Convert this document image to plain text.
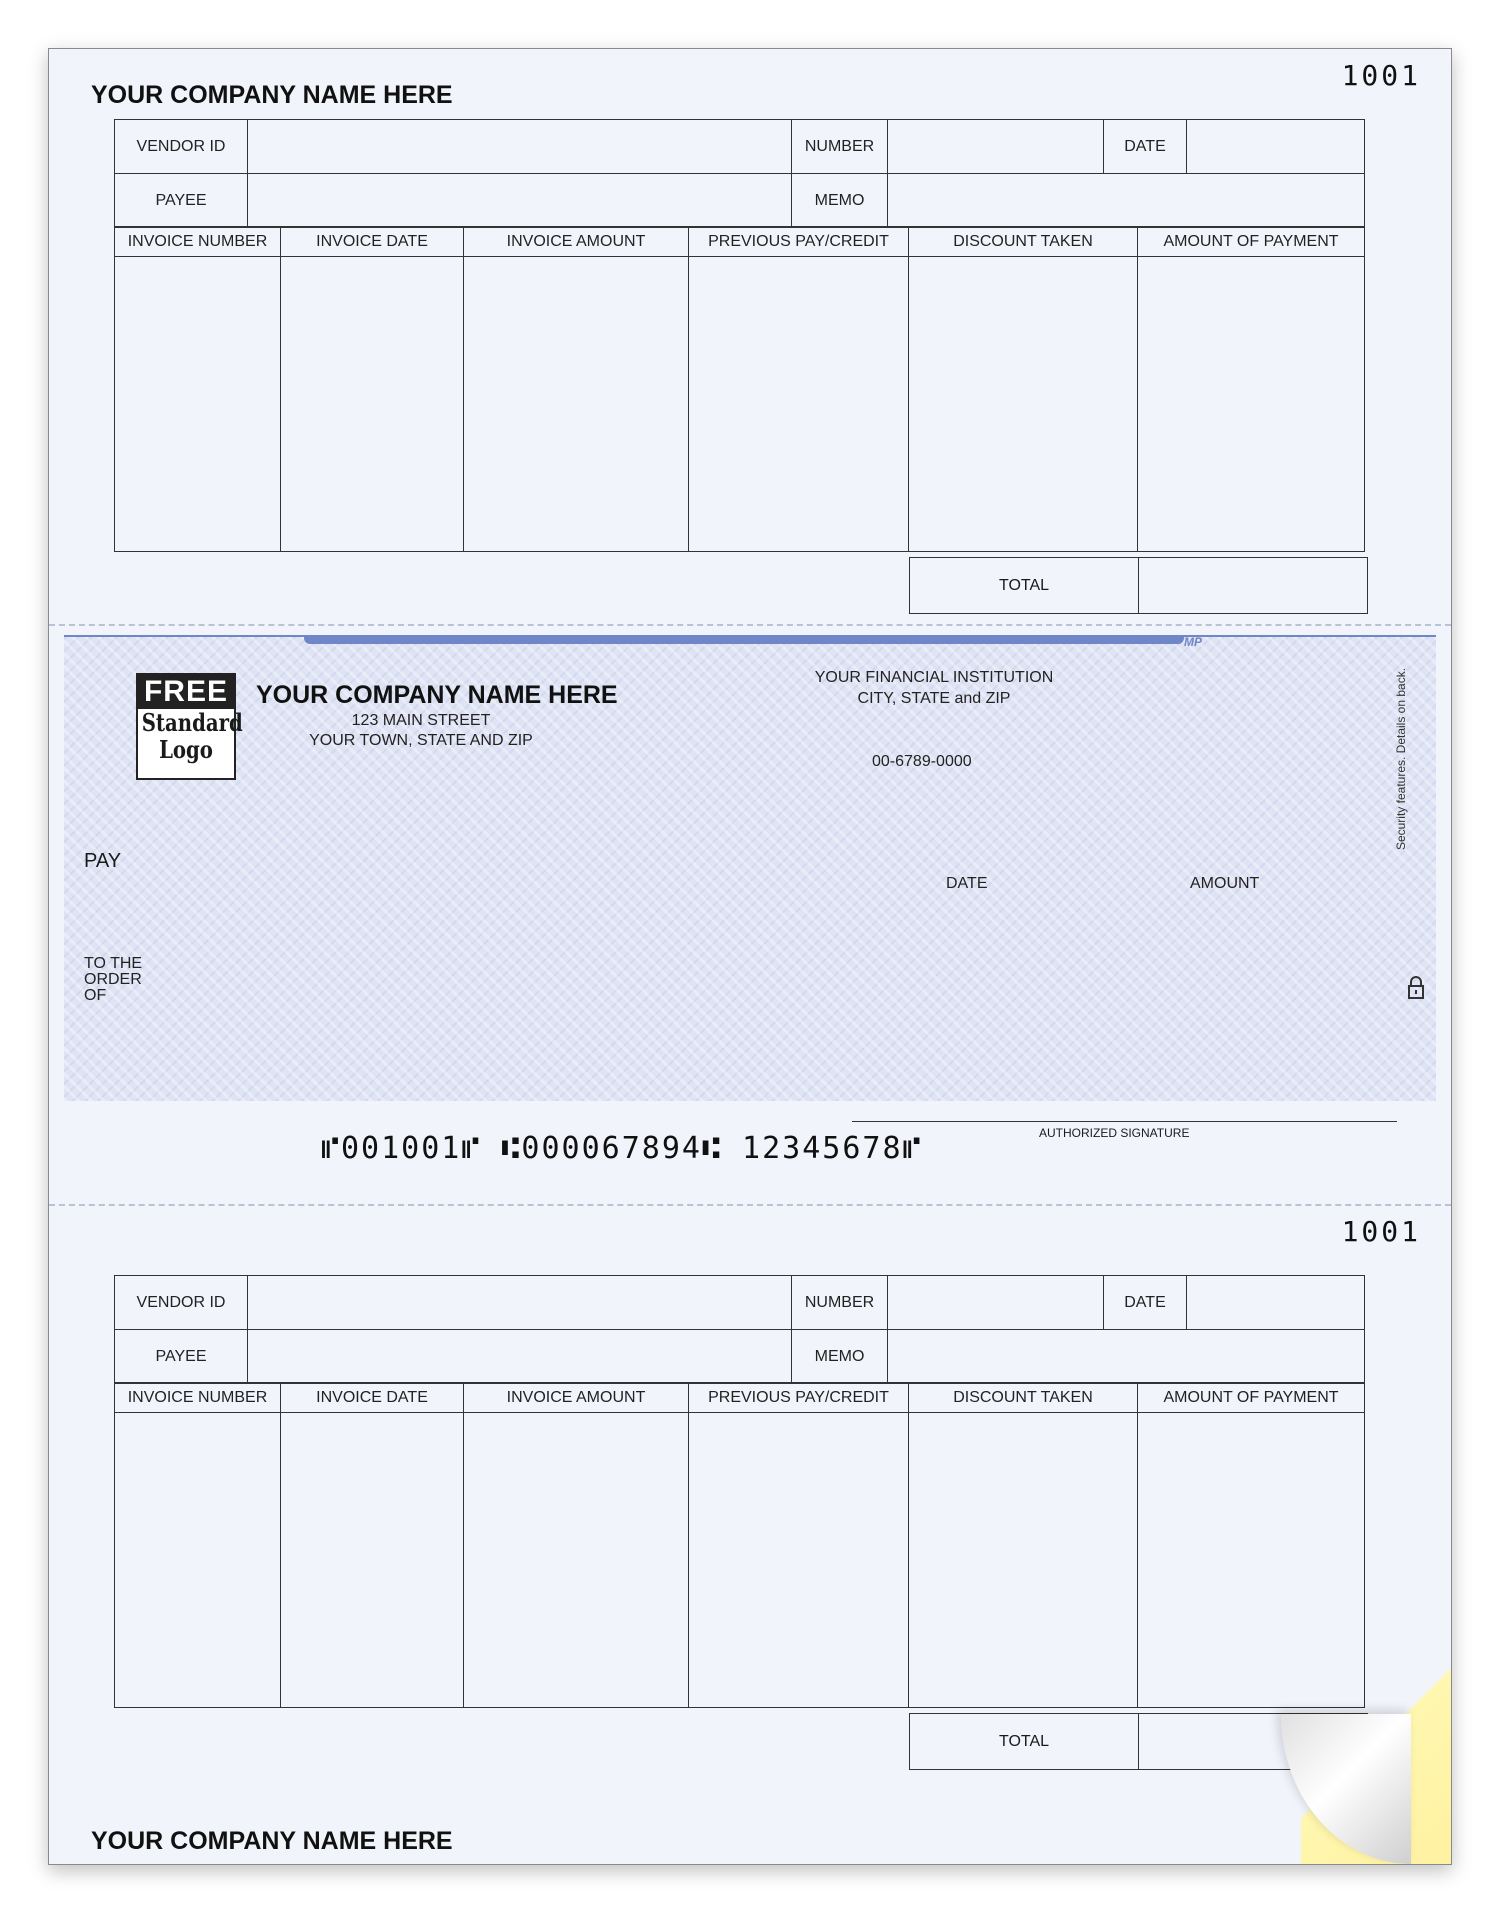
1001
YOUR COMPANY NAME HERE
VENDOR ID		NUMBER		DATE	
PAYEE		MEMO			
INVOICE NUMBER	INVOICE DATE	INVOICE AMOUNT	PREVIOUS PAY/CREDIT	DISCOUNT TAKEN	AMOUNT OF PAYMENT

TOTAL	
MP
FREE
Standard
Logo
YOUR COMPANY NAME HERE
123 MAIN STREET
YOUR TOWN, STATE AND ZIP
YOUR FINANCIAL INSTITUTION
CITY, STATE and ZIP
00-6789-0000
PAY
DATE	AMOUNT
TO THE
ORDER
OF
AUTHORIZED SIGNATURE
Security features. Details on back.
⑈001001⑈ ⑆000067894⑆ 12345678⑈
1001
VENDOR ID		NUMBER		DATE	
PAYEE		MEMO			
INVOICE NUMBER	INVOICE DATE	INVOICE AMOUNT	PREVIOUS PAY/CREDIT	DISCOUNT TAKEN	AMOUNT OF PAYMENT

TOTAL	
YOUR COMPANY NAME HERE
